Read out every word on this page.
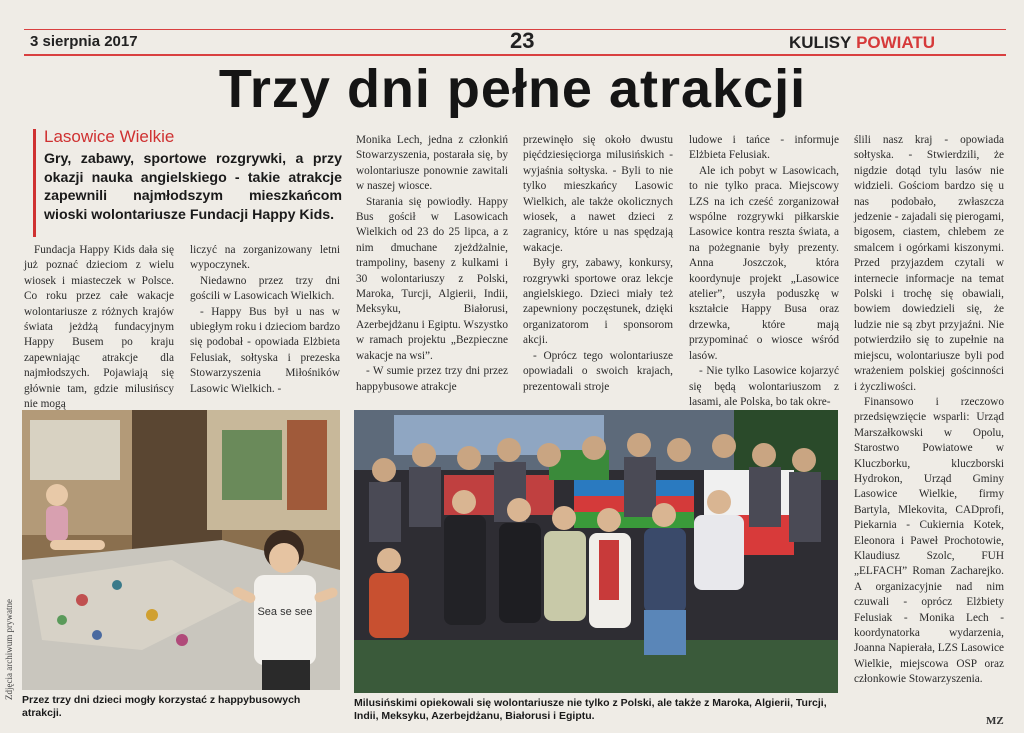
3 sierpnia 2017	23	KULISY POWIATU
Trzy dni pełne atrakcji
Lasowice Wielkie
Gry, zabawy, sportowe rozgrywki, a przy okazji nauka angielskiego - takie atrakcje zapewnili najmłodszym mieszkańcom wioski wolontariusze Fundacji Happy Kids.

Fundacja Happy Kids dała się już poznać dzieciom z wielu wiosek i miasteczek w Polsce. Co roku przez całe wakacje wolontariusze z różnych krajów świata jeżdżą fundacyjnym Happy Busem po kraju zapewniając atrakcje dla najmłodszych. Pojawiają się głównie tam, gdzie milusińscy nie mogą

liczyć na zorganizowany letni wypoczynek.

Niedawno przez trzy dni gościli w Lasowicach Wielkich.

- Happy Bus był u nas w ubiegłym roku i dzieciom bardzo się podobał - opowiada Elżbieta Felusiak, sołtyska i prezeska Stowarzyszenia Miłośników Lasowic Wielkich. -

Monika Lech, jedna z członkiń Stowarzyszenia, postarała się, by wolontariusze ponownie zawitali w naszej wiosce.

Starania się powiodły. Happy Bus gościł w Lasowicach Wielkich od 23 do 25 lipca, a z nim dmuchane zjeżdżalnie, trampoliny, baseny z kulkami i 30 wolontariuszy z Polski, Maroka, Turcji, Algierii, Indii, Meksyku, Białorusi, Azerbejdżanu i Egiptu. Wszystko w ramach projektu „Bezpieczne wakacje na wsi”.

- W sumie przez trzy dni przez happybusowe atrakcje

przewinęło się około dwustu pięćdziesięciorga milusińskich - wyjaśnia sołtyska. - Byli to nie tylko mieszkańcy Lasowic Wielkich, ale także okolicznych wiosek, a nawet dzieci z zagranicy, które u nas spędzają wakacje.

Były gry, zabawy, konkursy, rozgrywki sportowe oraz lekcje angielskiego. Dzieci miały też zapewniony poczęstunek, dzięki organizatorom i sponsorom akcji.

- Oprócz tego wolontariusze opowiadali o swoich krajach, prezentowali stroje

ludowe i tańce - informuje Elżbieta Felusiak.

Ale ich pobyt w Lasowicach, to nie tylko praca. Miejscowy LZS na ich cześć zorganizował wspólne rozgrywki piłkarskie Lasowice kontra reszta świata, a na pożegnanie były prezenty. Anna Joszczok, która koordynuje projekt „Lasowice atelier”, uszyła poduszkę w kształcie Happy Busa oraz drzewka, które mają przypominać o wiosce wśród lasów.

- Nie tylko Lasowice kojarzyć się będą wolontariuszom z lasami, ale Polska, bo tak okre-

ślili nasz kraj - opowiada sołtyska. - Stwierdzili, że nigdzie dotąd tylu lasów nie widzieli. Gościom bardzo się u nas podobało, zwłaszcza jedzenie - zajadali się pierogami, bigosem, ciastem, chlebem ze smalcem i ogórkami kiszonymi. Przed przyjazdem czytali w internecie informacje na temat Polski i trochę się obawiali, bowiem dowiedzieli się, że ludzie nie są zbyt przyjaźni. Nie potwierdziło się to zupełnie na miejscu, wolontariusze byli pod wrażeniem polskiej gościnności i życzliwości.

Finansowo i rzeczowo przedsięwzięcie wsparli: Urząd Marszałkowski w Opolu, Starostwo Powiatowe w Kluczborku, kluczborski Hydrokon, Urząd Gminy Lasowice Wielkie, firmy Bartyla, Mlekovita, CADprofi, Piekarnia - Cukiernia Kotek, Eleonora i Paweł Prochotowie, Klaudiusz Szolc, FUH „ELFACH” Roman Zacharejko. A organizacyjnie nad nim czuwali - oprócz Elżbiety Felusiak - Monika Lech - koordynatorka wydarzenia, Joanna Napierała, LZS Lasowice Wielkie, miejscowa OSP oraz członkowie Stowarzyszenia.

Sea se see
Przez trzy dni dzieci mogły korzystać z happybusowych atrakcji.
Zdjęcia archiwum prywatne
Milusińskimi opiekowali się wolontariusze nie tylko z Polski, ale także z Maroka, Algierii, Turcji, Indii, Meksyku, Azerbejdżanu, Białorusi i Egiptu.	MZ
